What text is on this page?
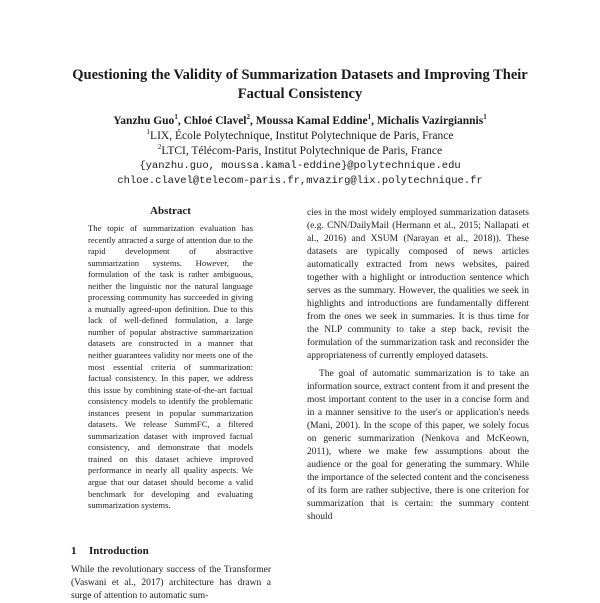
Questioning the Validity of Summarization Datasets and Improving Their Factual Consistency
Yanzhu Guo$^1$, Chloé Clavel$^2$, Moussa Kamal Eddine$^1$, Michalis Vazirgiannis$^1$
$^1$LIX, École Polytechnique, Institut Polytechnique de Paris, France
$^2$LTCI, Télécom-Paris, Institut Polytechnique de Paris, France
{yanzhu.guo, moussa.kamal-eddine}@polytechnique.edu
chloe.clavel@telecom-paris.fr,mvazirg@lix.polytechnique.fr
Abstract
The topic of summarization evaluation has recently attracted a surge of attention due to the rapid development of abstractive summarization systems. However, the formulation of the task is rather ambiguous, neither the linguistic nor the natural language processing community has succeeded in giving a mutually agreed-upon definition. Due to this lack of well-defined formulation, a large number of popular abstractive summarization datasets are constructed in a manner that neither guarantees validity nor meets one of the most essential criteria of summarization: factual consistency. In this paper, we address this issue by combining state-of-the-art factual consistency models to identify the problematic instances present in popular summarization datasets. We release SummFC, a filtered summarization dataset with improved factual consistency, and demonstrate that models trained on this dataset achieve improved performance in nearly all quality aspects. We argue that our dataset should become a valid benchmark for developing and evaluating summarization systems.
1 Introduction
While the revolutionary success of the Transformer (Vaswani et al., 2017) architecture has drawn a surge of attention to automatic sum-

cies in the most widely employed summarization datasets (e.g. CNN/DailyMail (Hermann et al., 2015; Nallapati et al., 2016) and XSUM (Narayan et al., 2018)). These datasets are typically composed of news articles automatically extracted from news websites, paired together with a highlight or introduction sentence which serves as the summary. However, the qualities we seek in highlights and introductions are fundamentally different from the ones we seek in summaries. It is thus time for the NLP community to take a step back, revisit the formulation of the summarization task and reconsider the appropriateness of currently employed datasets.

The goal of automatic summarization is to take an information source, extract content from it and present the most important content to the user in a concise form and in a manner sensitive to the user's or application's needs (Mani, 2001). In the scope of this paper, we solely focus on generic summarization (Nenkova and McKeown, 2011), where we make few assumptions about the audience or the goal for generating the summary. While the importance of the selected content and the conciseness of its form are rather subjective, there is one criterion for summarization that is certain: the summary content should
